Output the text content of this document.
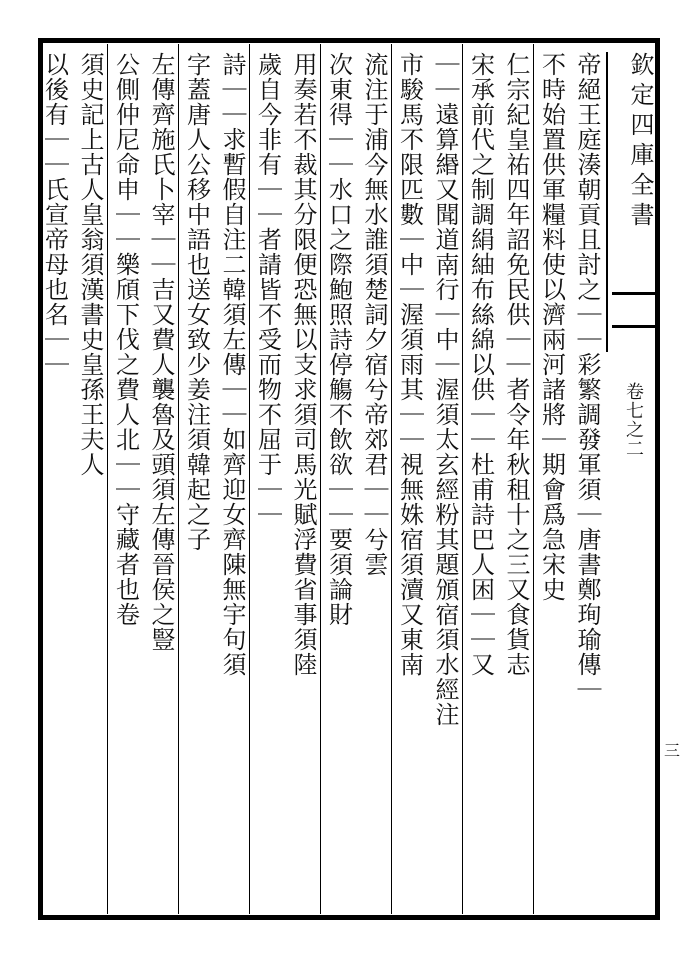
欽定四庫全書
卷七之二
三
帝絕王庭湊朝貢且討之｜｜彩繁調發軍須｜唐書鄭珣瑜傳｜
不時始置供軍糧料使以濟兩河諸將｜期會爲急宋史
仁宗紀皇祐四年詔免民供｜｜者令年秋租十之三又食貨志
宋承前代之制調絹紬布絲綿以供｜｜杜甫詩巴人困｜｜又
｜｜遠算緡又聞道南行｜中｜渥須太玄經粉其題頒宿須水經注
市駿馬不限匹數｜中｜渥須雨其｜｜視無姝宿須瀆又東南
流注于浦今無水誰須楚詞夕宿兮帝郊君｜｜兮雲
次東得｜｜水口之際鮑照詩停觴不飲欲｜｜要須論財
用奏若不裁其分限便恐無以支求須司馬光賦浮費省事須陸
歲自今非有｜｜者請皆不受而物不屈于｜｜
詩｜｜求暫假自注二韓須左傳｜｜如齊迎女齊陳無宇句須
字蓋唐人公移中語也送女致少姜注須韓起之子
左傳齊施氏卜宰｜｜吉又費人襲魯及頭須左傳晉侯之豎
公側仲尼命申｜｜樂頎下伐之費人北｜｜守藏者也卷
須史記上古人皇翁須漢書史皇孫王夫人
以後有｜｜氏宣帝母也名｜｜
